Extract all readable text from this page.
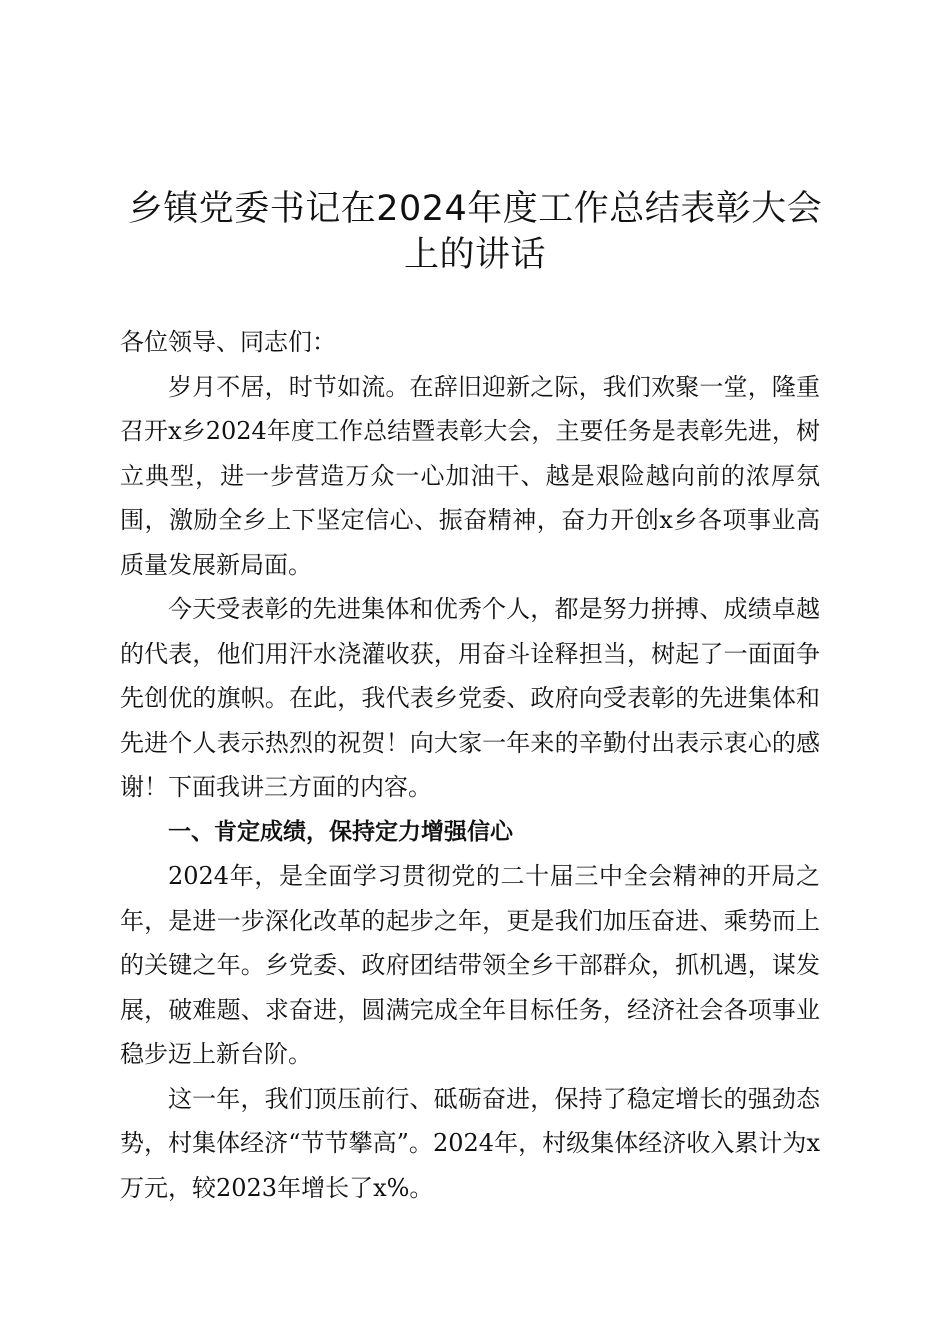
乡镇党委书记在2024年度工作总结表彰大会
上的讲话

各位领导、同志们：

岁月不居，时节如流。在辞旧迎新之际，我们欢聚一堂，隆重召开x乡2024年度工作总结暨表彰大会，主要任务是表彰先进，树立典型，进一步营造万众一心加油干、越是艰险越向前的浓厚氛围，激励全乡上下坚定信心、振奋精神，奋力开创x乡各项事业高质量发展新局面。

今天受表彰的先进集体和优秀个人，都是努力拼搏、成绩卓越的代表，他们用汗水浇灌收获，用奋斗诠释担当，树起了一面面争先创优的旗帜。在此，我代表乡党委、政府向受表彰的先进集体和先进个人表示热烈的祝贺！向大家一年来的辛勤付出表示衷心的感谢！下面我讲三方面的内容。

一、肯定成绩，保持定力增强信心

2024年，是全面学习贯彻党的二十届三中全会精神的开局之年，是进一步深化改革的起步之年，更是我们加压奋进、乘势而上的关键之年。乡党委、政府团结带领全乡干部群众，抓机遇，谋发展，破难题、求奋进，圆满完成全年目标任务，经济社会各项事业稳步迈上新台阶。

这一年，我们顶压前行、砥砺奋进，保持了稳定增长的强劲态势，村集体经济“节节攀高”。2024年，村级集体经济收入累计为x万元，较2023年增长了x%。
